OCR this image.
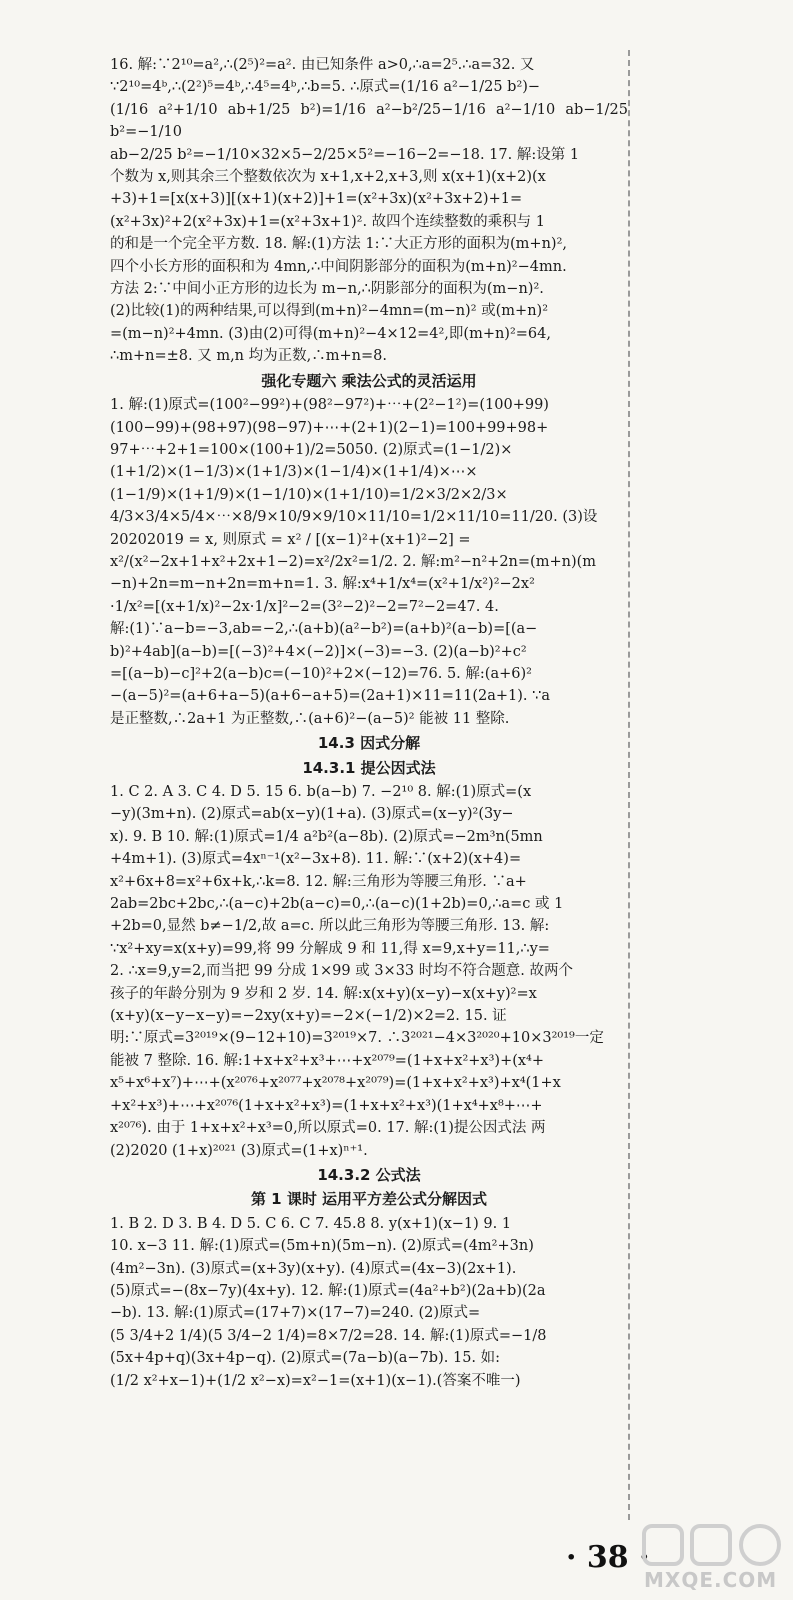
16. 解:∵2¹⁰=a²,∴(2⁵)²=a². 由已知条件 a>0,∴a=2⁵.∴a=32. 又

∵2¹⁰=4ᵇ,∴(2²)⁵=4ᵇ,∴4⁵=4ᵇ,∴b=5. ∴原式=(1/16 a²−1/25 b²)−

(1/16 a²+1/10 ab+1/25 b²)=1/16 a²−b²/25−1/16 a²−1/10 ab−1/25 b²=−1/10

ab−2/25 b²=−1/10×32×5−2/25×5²=−16−2=−18. 17. 解:设第 1

个数为 x,则其余三个整数依次为 x+1,x+2,x+3,则 x(x+1)(x+2)(x

+3)+1=[x(x+3)][(x+1)(x+2)]+1=(x²+3x)(x²+3x+2)+1=

(x²+3x)²+2(x²+3x)+1=(x²+3x+1)². 故四个连续整数的乘积与 1

的和是一个完全平方数. 18. 解:(1)方法 1:∵大正方形的面积为(m+n)²,

四个小长方形的面积和为 4mn,∴中间阴影部分的面积为(m+n)²−4mn.

方法 2:∵中间小正方形的边长为 m−n,∴阴影部分的面积为(m−n)².

(2)比较(1)的两种结果,可以得到(m+n)²−4mn=(m−n)² 或(m+n)²

=(m−n)²+4mn. (3)由(2)可得(m+n)²−4×12=4²,即(m+n)²=64,

∴m+n=±8. 又 m,n 均为正数,∴m+n=8.

强化专题六 乘法公式的灵活运用

1. 解:(1)原式=(100²−99²)+(98²−97²)+⋯+(2²−1²)=(100+99)

(100−99)+(98+97)(98−97)+⋯+(2+1)(2−1)=100+99+98+

97+⋯+2+1=100×(100+1)/2=5050. (2)原式=(1−1/2)×

(1+1/2)×(1−1/3)×(1+1/3)×(1−1/4)×(1+1/4)×⋯×

(1−1/9)×(1+1/9)×(1−1/10)×(1+1/10)=1/2×3/2×2/3×

4/3×3/4×5/4×⋯×8/9×10/9×9/10×11/10=1/2×11/10=11/20. (3)设

20202019 = x, 则原式 = x² / [(x−1)²+(x+1)²−2] =

x²/(x²−2x+1+x²+2x+1−2)=x²/2x²=1/2. 2. 解:m²−n²+2n=(m+n)(m

−n)+2n=m−n+2n=m+n=1. 3. 解:x⁴+1/x⁴=(x²+1/x²)²−2x²

·1/x²=[(x+1/x)²−2x·1/x]²−2=(3²−2)²−2=7²−2=47. 4.

解:(1)∵a−b=−3,ab=−2,∴(a+b)(a²−b²)=(a+b)²(a−b)=[(a−

b)²+4ab](a−b)=[(−3)²+4×(−2)]×(−3)=−3. (2)(a−b)²+c²

=[(a−b)−c]²+2(a−b)c=(−10)²+2×(−12)=76. 5. 解:(a+6)²

−(a−5)²=(a+6+a−5)(a+6−a+5)=(2a+1)×11=11(2a+1). ∵a

是正整数,∴2a+1 为正整数,∴(a+6)²−(a−5)² 能被 11 整除.

14.3 因式分解
14.3.1 提公因式法

1. C 2. A 3. C 4. D 5. 15 6. b(a−b) 7. −2¹⁰ 8. 解:(1)原式=(x

−y)(3m+n). (2)原式=ab(x−y)(1+a). (3)原式=(x−y)²(3y−

x). 9. B 10. 解:(1)原式=1/4 a²b²(a−8b). (2)原式=−2m³n(5mn

+4m+1). (3)原式=4xⁿ⁻¹(x²−3x+8). 11. 解:∵(x+2)(x+4)=

x²+6x+8=x²+6x+k,∴k=8. 12. 解:三角形为等腰三角形. ∵a+

2ab=2bc+2bc,∴(a−c)+2b(a−c)=0,∴(a−c)(1+2b)=0,∴a=c 或 1

+2b=0,显然 b≠−1/2,故 a=c. 所以此三角形为等腰三角形. 13. 解:

∵x²+xy=x(x+y)=99,将 99 分解成 9 和 11,得 x=9,x+y=11,∴y=

2. ∴x=9,y=2,而当把 99 分成 1×99 或 3×33 时均不符合题意. 故两个

孩子的年龄分别为 9 岁和 2 岁. 14. 解:x(x+y)(x−y)−x(x+y)²=x

(x+y)(x−y−x−y)=−2xy(x+y)=−2×(−1/2)×2=2. 15. 证

明:∵原式=3²⁰¹⁹×(9−12+10)=3²⁰¹⁹×7. ∴3²⁰²¹−4×3²⁰²⁰+10×3²⁰¹⁹一定

能被 7 整除. 16. 解:1+x+x²+x³+⋯+x²⁰⁷⁹=(1+x+x²+x³)+(x⁴+

x⁵+x⁶+x⁷)+⋯+(x²⁰⁷⁶+x²⁰⁷⁷+x²⁰⁷⁸+x²⁰⁷⁹)=(1+x+x²+x³)+x⁴(1+x

+x²+x³)+⋯+x²⁰⁷⁶(1+x+x²+x³)=(1+x+x²+x³)(1+x⁴+x⁸+⋯+

x²⁰⁷⁶). 由于 1+x+x²+x³=0,所以原式=0. 17. 解:(1)提公因式法 两

(2)2020 (1+x)²⁰²¹ (3)原式=(1+x)ⁿ⁺¹.

14.3.2 公式法
第 1 课时 运用平方差公式分解因式

1. B 2. D 3. B 4. D 5. C 6. C 7. 45.8 8. y(x+1)(x−1) 9. 1

10. x−3 11. 解:(1)原式=(5m+n)(5m−n). (2)原式=(4m²+3n)

(4m²−3n). (3)原式=(x+3y)(x+y). (4)原式=(4x−3)(2x+1).

(5)原式=−(8x−7y)(4x+y). 12. 解:(1)原式=(4a²+b²)(2a+b)(2a

−b). 13. 解:(1)原式=(17+7)×(17−7)=240. (2)原式=

(5 3/4+2 1/4)(5 3/4−2 1/4)=8×7/2=28. 14. 解:(1)原式=−1/8

(5x+4p+q)(3x+4p−q). (2)原式=(7a−b)(a−7b). 15. 如:

(1/2 x²+x−1)+(1/2 x²−x)=x²−1=(x+1)(x−1).(答案不唯一)

· 38 ·
MXQE.COM
